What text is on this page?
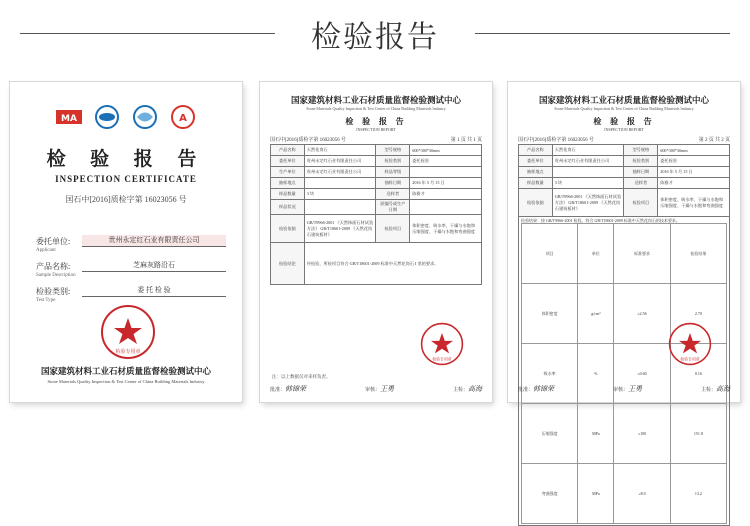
检验报告
MA	A
检 验 报 告
INSPECTION CERTIFICATE
国石中[2016]质检字第 16023056 号
委托单位:
Applicant
贵州永定红石业有限责任公司
产品名称:
Sample Description
芝麻灰路沿石
检验类别:
Test Type
委 托 检 验
检验专用章
国家建筑材料工业石材质量监督检验测试中心
Stone Materials Quality Inspection & Test Center of China Building Materials Industry
国家建筑材料工业石材质量监督检验测试中心
Stone Materials Quality Inspection & Test Center of China Building Materials Industry
检 验 报 告
INSPECTION REPORT
国石中[2016]质检字第 16023056 号	第 1 页 共 1 页
产品名称	天然花岗石	型号规格	600*300*30mm
委托单位	贵州永定红石业有限责任公司	检验类别	委托检验
生产单位	贵州永定红石业有限责任公司	样品等级	
抽样地点		抽样日期	2016 年 5 月 15 日
样品数量	3 块	送样者	陈雅才
样品状况		原编号或生产日期	
检验依据	GB/T9966-2001 《天然饰面石材试验方法》 GB/T18601-2009 《天然花岗石建筑板材》	检验项目	体积密度、吸水率、干燥与水饱和压缩强度、干燥与水饱和弯曲强度
检验结论	经检验，所检项目符合 GB/T18601-2009 标准中天然花岗石 I 类的要求。		
检验专用章
注：以上数据仅对来样负责。
批准：韩锦荣	审核：王勇	主检：高海
国家建筑材料工业石材质量监督检验测试中心
Stone Materials Quality Inspection & Test Center of China Building Materials Industry
检 验 报 告
INSPECTION REPORT
国石中[2016]质检字第 16023056 号	第 2 页 共 2 页
产品名称	天然花岗石	型号规格	600*300*30mm
委托单位	贵州永定红石业有限责任公司	检验类别	委托检验
抽样地点		抽样日期	2016 年 5 月 15 日
样品数量	3 块	送样者	陈雅才
检验依据	GB/T9966-2001 《天然饰面石材试验方法》 GB/T18601-2009 《天然花岗石建筑板材》	检验项目	体积密度、吸水率、干燥与水饱和压缩强度、干燥与水饱和弯曲强度

检验结果：按 GB/T9966-2001 检验。符合 GB/T18601-2009 标准中天然花岗石的技术要求。
项目	单位	标准要求	检验结果
体积密度	g/cm³	≥2.56	2.70
吸水率	%	≤0.60	0.16
压缩强度	MPa	≥100	151.8
弯曲强度	MPa	≥8.0	13.2
检验专用章
批准：韩锦荣	审核：王勇	主检：高海
